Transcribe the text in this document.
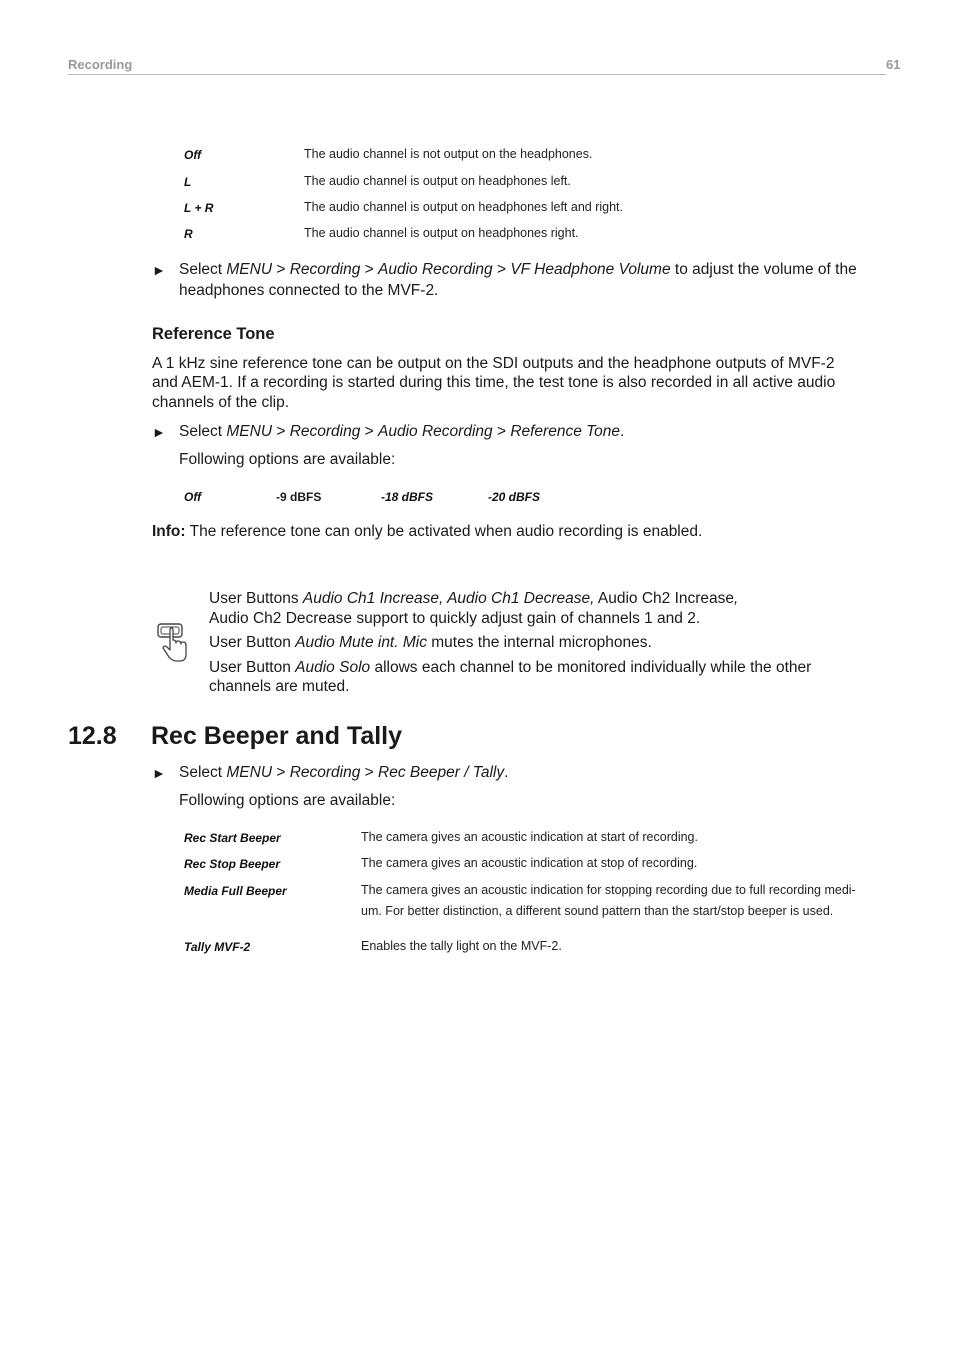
Recording	61
Off	The audio channel is not output on the headphones.
L	The audio channel is output on headphones left.
L + R	The audio channel is output on headphones left and right.
R	The audio channel is output on headphones right.
► Select MENU > Recording > Audio Recording > VF Headphone Volume to adjust the volume of the
headphones connected to the MVF-2.
Reference Tone
A 1 kHz sine reference tone can be output on the SDI outputs and the headphone outputs of MVF-2
and AEM-1. If a recording is started during this time, the test tone is also recorded in all active audio
channels of the clip.
► Select MENU > Recording > Audio Recording > Reference Tone.
Following options are available:
Off	-9 dBFS	-18 dBFS	-20 dBFS
Info: The reference tone can only be activated when audio recording is enabled.
User Buttons Audio Ch1 Increase, Audio Ch1 Decrease, Audio Ch2 Increase,
Audio Ch2 Decrease support to quickly adjust gain of channels 1 and 2.
User Button Audio Mute int. Mic mutes the internal microphones.
User Button Audio Solo allows each channel to be monitored individually while the other
channels are muted.
12.8 Rec Beeper and Tally
► Select MENU > Recording > Rec Beeper / Tally.
Following options are available:
Rec Start Beeper	The camera gives an acoustic indication at start of recording.
Rec Stop Beeper	The camera gives an acoustic indication at stop of recording.
Media Full Beeper	The camera gives an acoustic indication for stopping recording due to full recording medi-
um. For better distinction, a different sound pattern than the start/stop beeper is used.
Tally MVF-2	Enables the tally light on the MVF-2.
